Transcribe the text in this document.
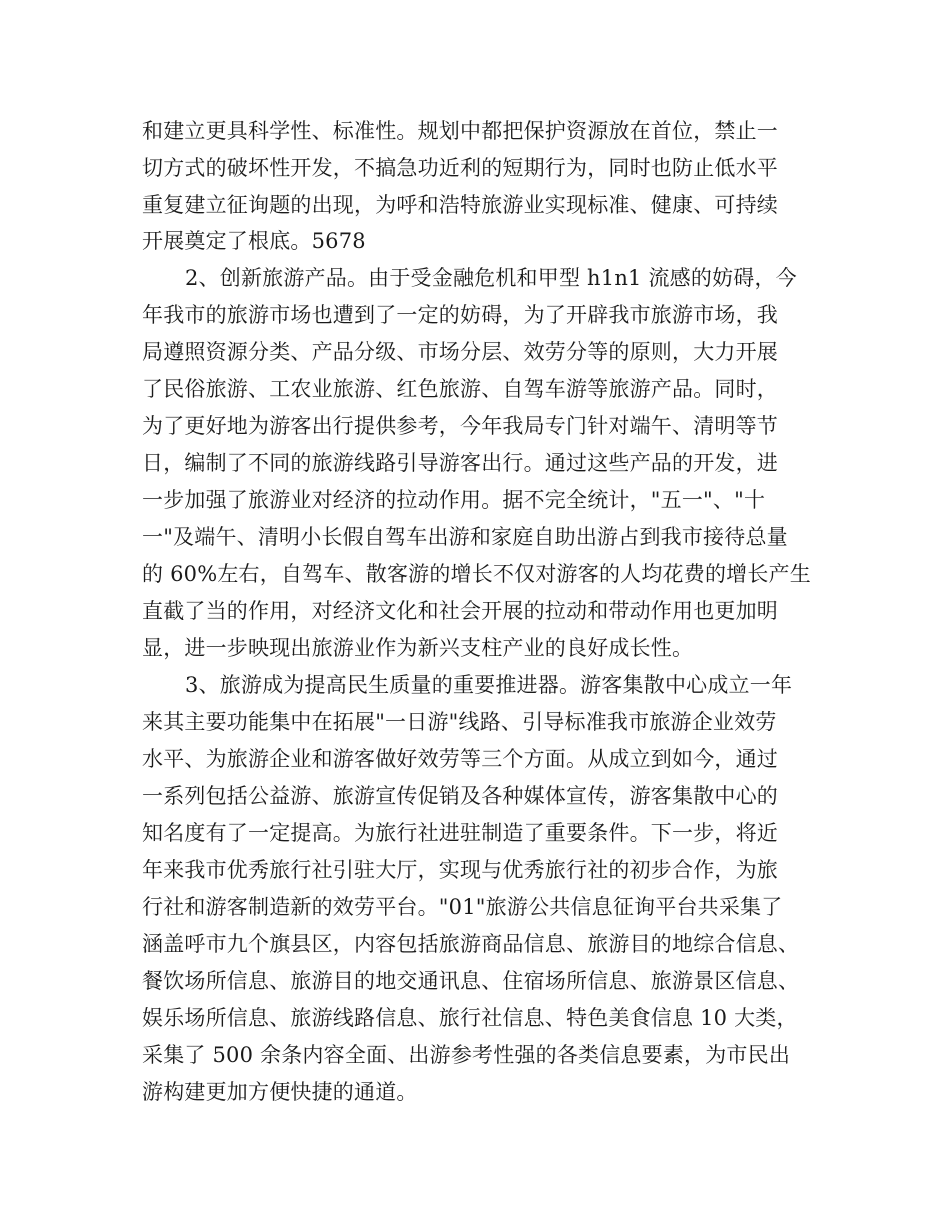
和建立更具科学性、标准性。规划中都把保护资源放在首位，禁止一
切方式的破坏性开发，不搞急功近利的短期行为，同时也防止低水平
重复建立征询题的出现，为呼和浩特旅游业实现标准、健康、可持续
开展奠定了根底。5678
2、创新旅游产品。由于受金融危机和甲型 h1n1 流感的妨碍，今
年我市的旅游市场也遭到了一定的妨碍，为了开辟我市旅游市场，我
局遵照资源分类、产品分级、市场分层、效劳分等的原则，大力开展
了民俗旅游、工农业旅游、红色旅游、自驾车游等旅游产品。同时，
为了更好地为游客出行提供参考，今年我局专门针对端午、清明等节
日，编制了不同的旅游线路引导游客出行。通过这些产品的开发，进
一步加强了旅游业对经济的拉动作用。据不完全统计，"五一"、"十
一"及端午、清明小长假自驾车出游和家庭自助出游占到我市接待总量
的 60%左右，自驾车、散客游的增长不仅对游客的人均花费的增长产生
直截了当的作用，对经济文化和社会开展的拉动和带动作用也更加明
显，进一步映现出旅游业作为新兴支柱产业的良好成长性。
3、旅游成为提高民生质量的重要推进器。游客集散中心成立一年
来其主要功能集中在拓展"一日游"线路、引导标准我市旅游企业效劳
水平、为旅游企业和游客做好效劳等三个方面。从成立到如今，通过
一系列包括公益游、旅游宣传促销及各种媒体宣传，游客集散中心的
知名度有了一定提高。为旅行社进驻制造了重要条件。下一步，将近
年来我市优秀旅行社引驻大厅，实现与优秀旅行社的初步合作，为旅
行社和游客制造新的效劳平台。"01"旅游公共信息征询平台共采集了
涵盖呼市九个旗县区，内容包括旅游商品信息、旅游目的地综合信息、
餐饮场所信息、旅游目的地交通讯息、住宿场所信息、旅游景区信息、
娱乐场所信息、旅游线路信息、旅行社信息、特色美食信息 10 大类，
采集了 500 余条内容全面、出游参考性强的各类信息要素，为市民出
游构建更加方便快捷的通道。
